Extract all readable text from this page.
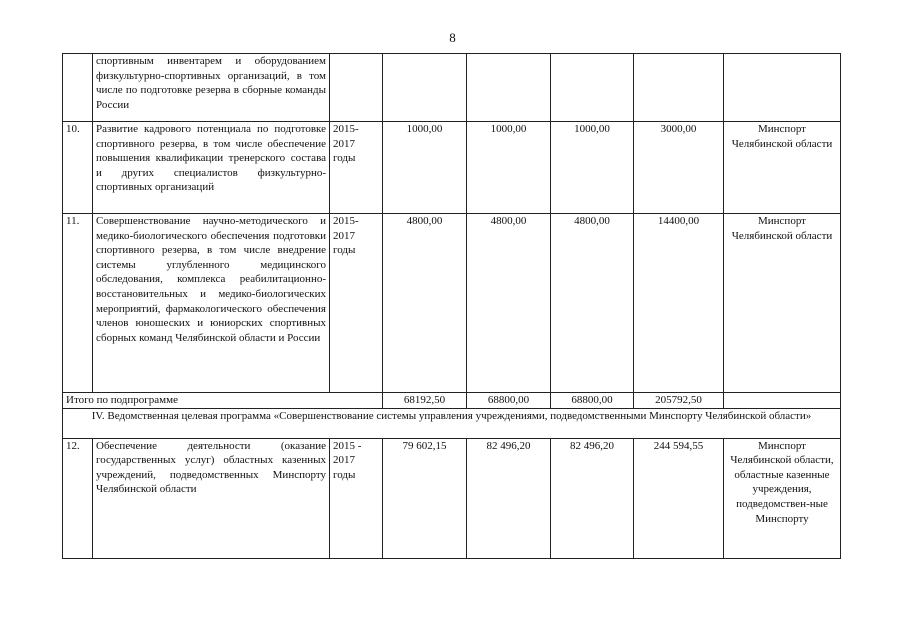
8
	спортивным инвентарем и оборудованием физкультурно-спортивных организаций, в том числе по подготовке резерва в сборные команды России						
10.	Развитие кадрового потенциала по подготовке спортивного резерва, в том числе обеспечение повышения квалификации тренерского состава и других специалистов физкультурно-спортивных организаций	2015-2017 годы	1000,00	1000,00	1000,00	3000,00	Минспорт Челябинской области
11.	Совершенствование научно-методического и медико-биологического обеспечения подготовки спортивного резерва, в том числе внедрение системы углубленного медицинского обследования, комплекса реабилитационно-восстановительных и медико-биологических мероприятий, фармакологического обеспечения членов юношеских и юниорских спортивных сборных команд Челябинской области и России	2015-2017 годы	4800,00	4800,00	4800,00	14400,00	Минспорт Челябинской области
Итого по подпрограмме			68192,50	68800,00	68800,00	205792,50	
IV. Ведомственная целевая программа «Совершенствование системы управления учреждениями, подведомственными Минспорту Челябинской области»							
12.	Обеспечение деятельности (оказание государственных услуг) областных казенных учреждений, подведомственных Минспорту Челябинской области	2015 - 2017 годы	79 602,15	82 496,20	82 496,20	244 594,55	Минспорт Челябинской области, областные казенные учреждения, подведомствен-ные Минспорту
